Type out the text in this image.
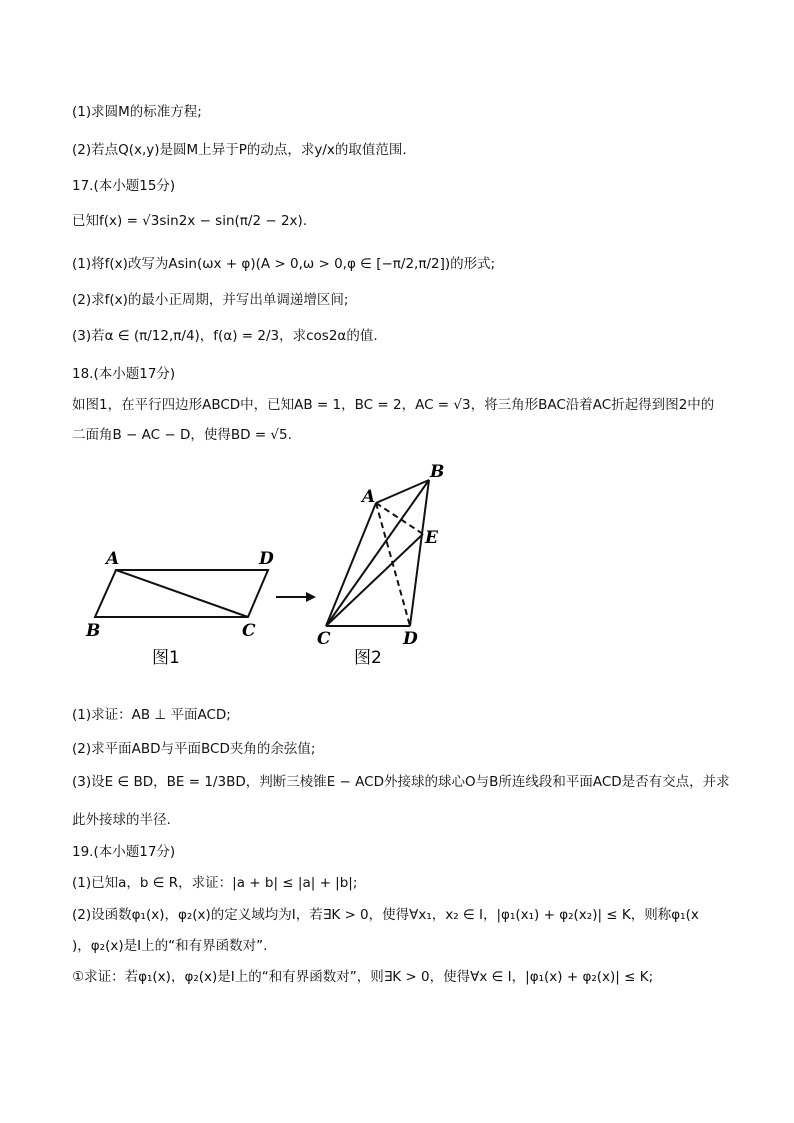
(1)求圆M的标准方程;
(2)若点Q(x,y)是圆M上异于P的动点，求y/x的取值范围.
17.(本小题15分)
已知f(x) = √3sin2x − sin(π/2 − 2x).
(1)将f(x)改写为Asin(ωx + φ)(A > 0,ω > 0,φ ∈ [−π/2,π/2])的形式;
(2)求f(x)的最小正周期，并写出单调递增区间;
(3)若α ∈ (π/12,π/4)，f(α) = 2/3，求cos2α的值.
18.(本小题17分)
如图1，在平行四边形ABCD中，已知AB = 1，BC = 2，AC = √3，将三角形BAC沿着AC折起得到图2中的
二面角B − AC − D，使得BD = √5.
(1)求证：AB ⊥ 平面ACD;
(2)求平面ABD与平面BCD夹角的余弦值;
(3)设E ∈ BD，BE = 1/3BD，判断三棱锥E − ACD外接球的球心O与B所连线段和平面ACD是否有交点，并求
此外接球的半径.
19.(本小题17分)
(1)已知a，b ∈ R，求证：|a + b| ≤ |a| + |b|;
(2)设函数φ₁(x)，φ₂(x)的定义域均为I，若∃K > 0，使得∀x₁，x₂ ∈ I，|φ₁(x₁) + φ₂(x₂)| ≤ K，则称φ₁(x
)，φ₂(x)是I上的“和有界函数对”.
①求证：若φ₁(x)，φ₂(x)是I上的“和有界函数对”，则∃K > 0，使得∀x ∈ I，|φ₁(x) + φ₂(x)| ≤ K;
A	D
B	C
图1
A
B
E
C	D
图2
